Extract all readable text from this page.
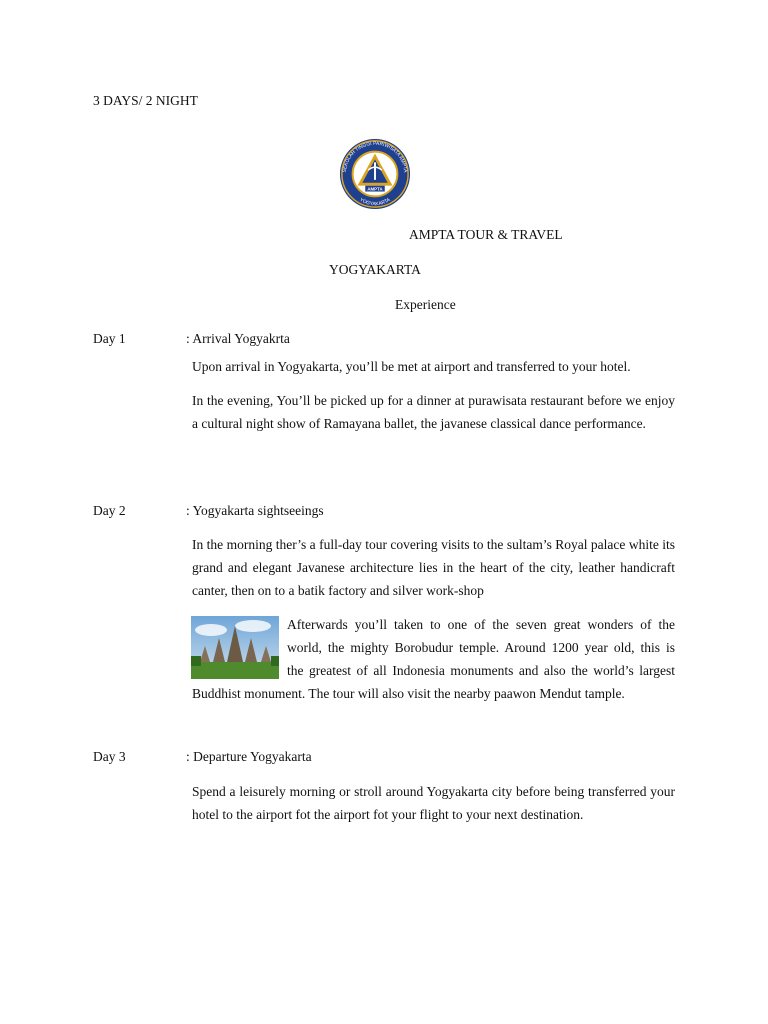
3 DAYS/ 2 NIGHT
AMPTA
SEKOLAH TINGGI PARIWISATA AMPTA
YOGYAKARTA
AMPTA TOUR & TRAVEL
YOGYAKARTA
Experience
Day 1	: Arrival Yogyakrta
Upon arrival in Yogyakarta, you’ll be met at airport and transferred to your hotel.
In the evening, You’ll be picked up for a dinner at purawisata restaurant before we enjoy a cultural night show of Ramayana ballet, the javanese classical dance performance.
Day 2	: Yogyakarta sightseeings
In the morning ther’s a full-day tour covering visits to the sultam’s Royal palace white its grand and elegant Javanese architecture lies in the heart of the city, leather handicraft canter, then on to a batik factory and silver work-shop
Afterwards you’ll taken to one of the seven great wonders of the
world, the mighty Borobudur temple. Around 1200 year old, this is
the greatest of all Indonesia monuments and also the world’s largest
Buddhist monument. The tour will also visit the nearby paawon Mendut tample.
Day 3	: Departure Yogyakarta
Spend a leisurely morning or stroll around Yogyakarta city before being transferred your hotel to the airport fot the airport fot your flight to your next destination.
